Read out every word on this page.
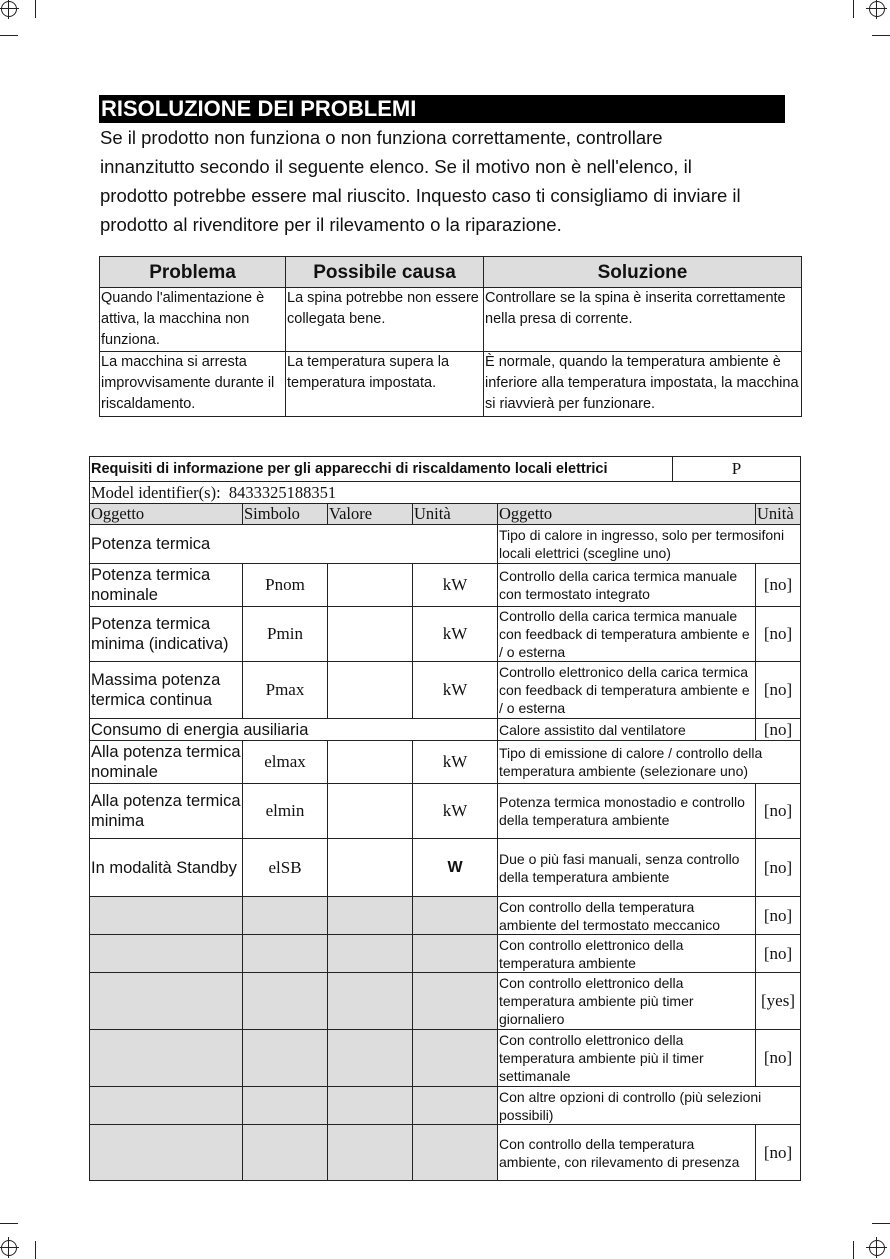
RISOLUZIONE DEI PROBLEMI
Se il prodotto non funziona o non funziona correttamente, controllare
innanzitutto secondo il seguente elenco. Se il motivo non è nell'elenco, il
prodotto potrebbe essere mal riuscito. Inquesto caso ti consigliamo di inviare il
prodotto al rivenditore per il rilevamento o la riparazione.
Problema	Possibile causa	Soluzione
Quando l'alimentazione è attiva, la macchina non funziona.	La spina potrebbe non essere collegata bene.	Controllare se la spina è inserita correttamente nella presa di corrente.
La macchina si arresta improvvisamente durante il riscaldamento.	La temperatura supera la temperatura impostata.	È normale, quando la temperatura ambiente è inferiore alla temperatura impostata, la macchina si riavvierà per funzionare.
Requisiti di informazione per gli apparecchi di riscaldamento locali elettrici	P
Model identifier(s): 8433325188351
Oggetto	Simbolo	Valore	Unità	Oggetto	Unità
Potenza termica				Tipo di calore in ingresso, solo per termosifoni locali elettrici (scegline uno)	
Potenza termica nominale	Pnom		kW	Controllo della carica termica manuale con termostato integrato	[no]
Potenza termica minima (indicativa)	Pmin		kW	Controllo della carica termica manuale con feedback di temperatura ambiente e / o esterna	[no]
Massima potenza termica continua	Pmax		kW	Controllo elettronico della carica termica con feedback di temperatura ambiente e / o esterna	[no]
Consumo di energia ausiliaria				Calore assistito dal ventilatore	[no]
Alla potenza termica nominale	elmax		kW	Tipo di emissione di calore / controllo della temperatura ambiente (selezionare uno)	
Alla potenza termica minima	elmin		kW	Potenza termica monostadio e controllo della temperatura ambiente	[no]
In modalità Standby	elSB		W	Due o più fasi manuali, senza controllo della temperatura ambiente	[no]
				Con controllo della temperatura ambiente del termostato meccanico	[no]
				Con controllo elettronico della temperatura ambiente	[no]
				Con controllo elettronico della temperatura ambiente più timer giornaliero	[yes]
				Con controllo elettronico della temperatura ambiente più il timer settimanale	[no]
				Con altre opzioni di controllo (più selezioni possibili)	
				Con controllo della temperatura ambiente, con rilevamento di presenza	[no]
